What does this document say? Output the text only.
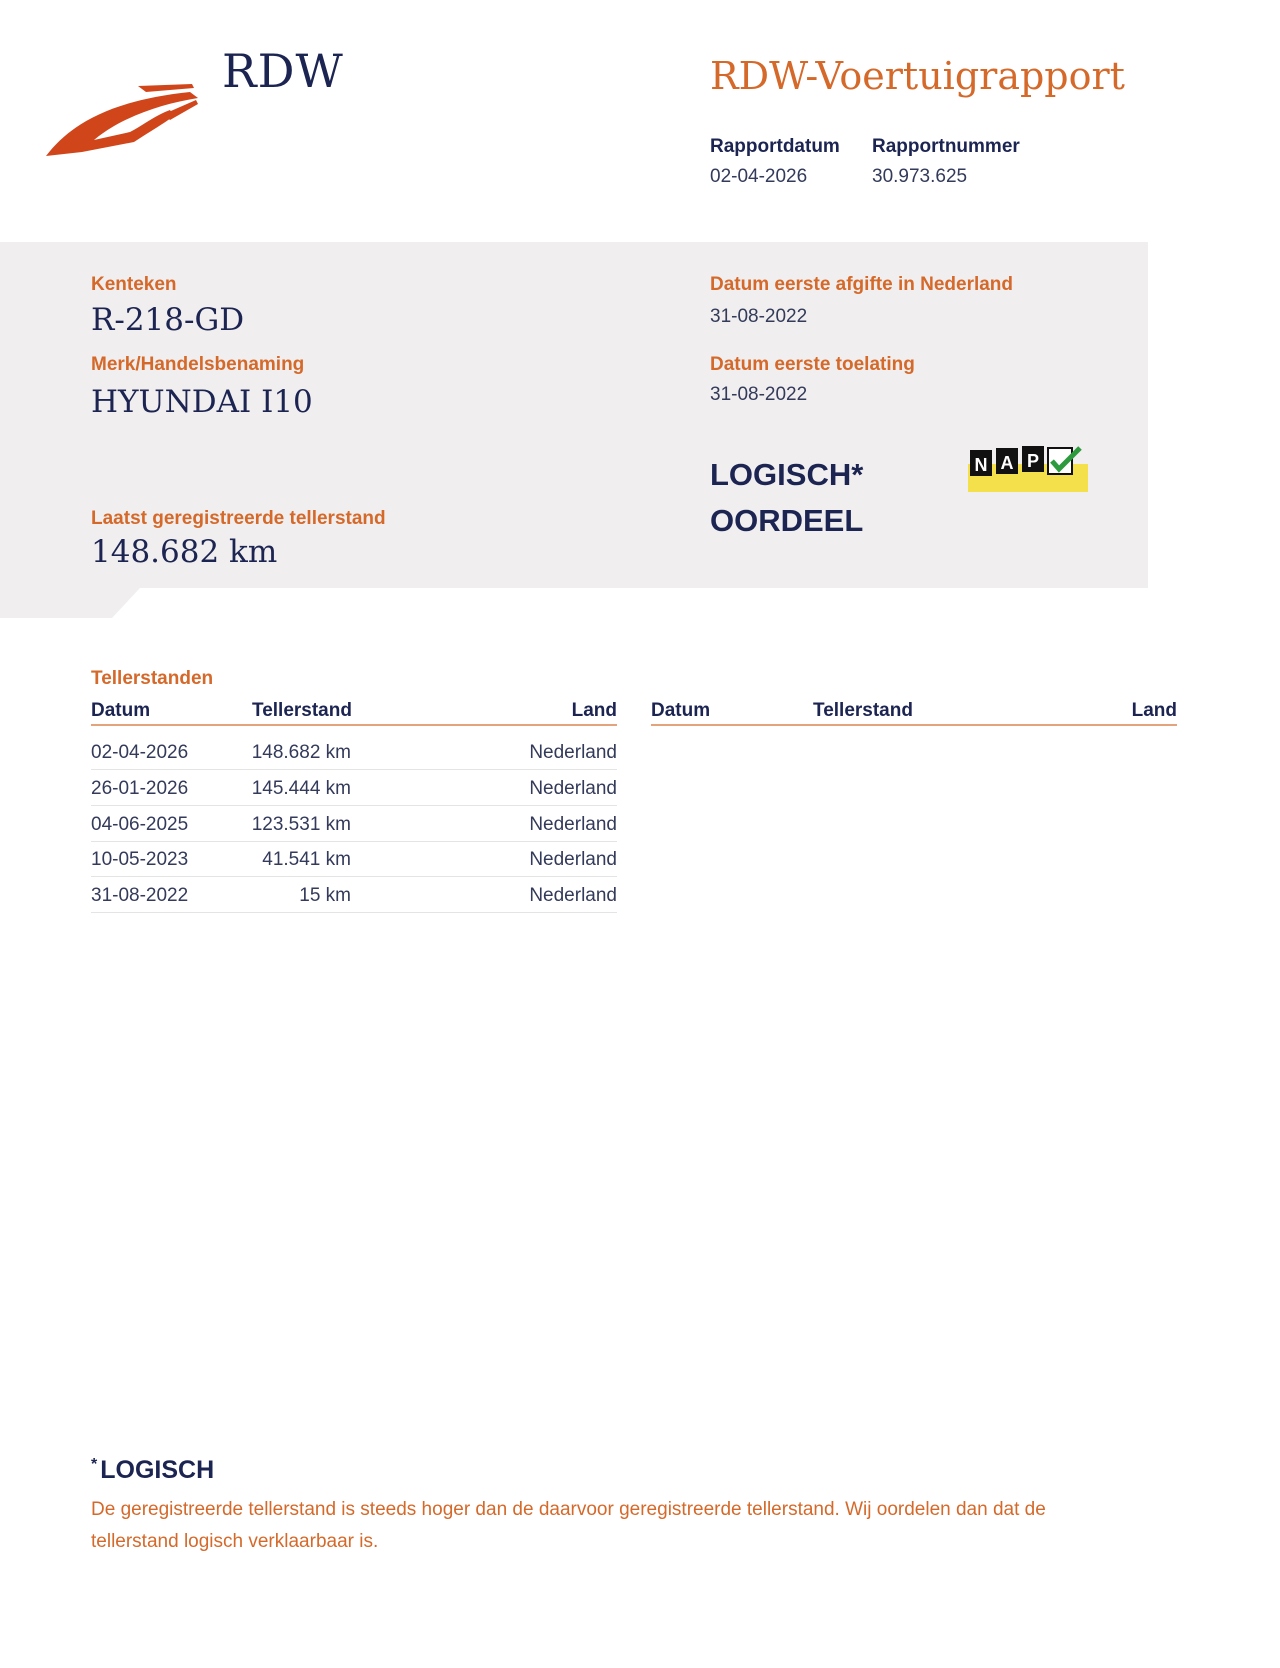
RDW	RDW-Voertuigrapport
Rapportdatum
02-04-2026
Rapportnummer
30.973.625
Kenteken
R-218-GD
Merk/Handelsbenaming
HYUNDAI I10
Laatst geregistreerde tellerstand
148.682 km
Datum eerste afgifte in Nederland
31-08-2022
Datum eerste toelating
31-08-2022
LOGISCH*
OORDEEL
N A P
Tellerstanden
Datum	Tellerstand	Land Datum	Tellerstand	Land
02-04-2026	148.682 km	Nederland
26-01-2026	145.444 km	Nederland
04-06-2025	123.531 km	Nederland
10-05-2023	41.541 km	Nederland
31-08-2022	15 km	Nederland
* LOGISCH
De geregistreerde tellerstand is steeds hoger dan de daarvoor geregistreerde tellerstand. Wij oordelen dan dat de tellerstand logisch verklaarbaar is.
